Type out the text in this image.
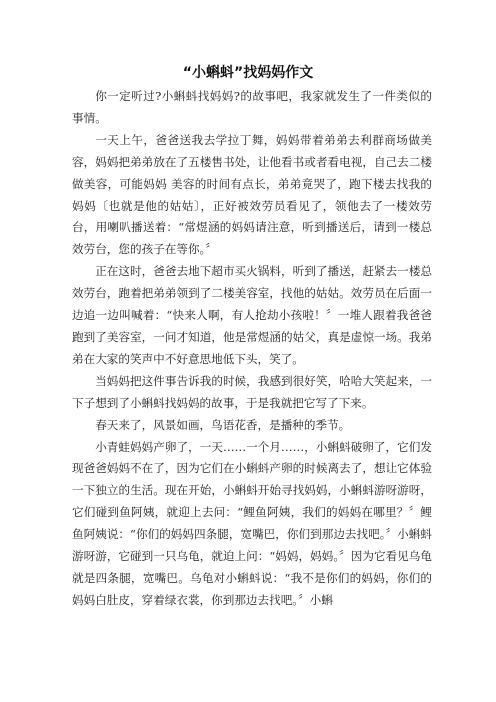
“小蝌蚪”找妈妈作文

你一定听过?小蝌蚪找妈妈?的故事吧，我家就发生了一件类似的事情。

一天上午，爸爸送我去学拉丁舞，妈妈带着弟弟去利群商场做美容，妈妈把弟弟放在了五楼售书处，让他看书或者看电视，自己去二楼做美容，可能妈妈 美容的时间有点长，弟弟竟哭了，跑下楼去找我的妈妈〔也就是他的姑姑〕，正好被效劳员看见了，领他去了一楼效劳台，用喇叭播送着：“常煜涵的妈妈请注意，听到播送后，请到一楼总效劳台，您的孩子在等你。〞

正在这时，爸爸去地下超市买火锅料，听到了播送，赶紧去一楼总效劳台，跑着把弟弟领到了二楼美容室，找他的姑姑。效劳员在后面一边追一边叫喊着：“快来人啊，有人抢劫小孩啦！〞一堆人跟着我爸爸跑到了美容室，一问才知道，他是常煜涵的姑父，真是虚惊一场。我弟弟在大家的笑声中不好意思地低下头，笑了。

当妈妈把这件事告诉我的时候，我感到很好笑，哈哈大笑起来，一下子想到了小蝌蚪找妈妈的故事，于是我就把它写了下来。

春天来了，风景如画，鸟语花香，是播种的季节。

小青蛙妈妈产卵了，一天……一个月……，小蝌蚪破卵了，它们发现爸爸妈妈不在了，因为它们在小蝌蚪产卵的时候离去了，想让它体验一下独立的生活。现在开始，小蝌蚪开始寻找妈妈，小蝌蚪游呀游呀，它们碰到鱼阿姨，就迎上去问：“鲤鱼阿姨，我们的妈妈在哪里？〞鲤鱼阿姨说：“你们的妈妈四条腿，宽嘴巴，你们到那边去找吧。〞小蝌蚪游呀游，它碰到一只乌龟，就迫上问：“妈妈，妈妈。〞因为它看见乌龟就是四条腿，宽嘴巴。乌龟对小蝌蚪说：“我不是你们的妈妈，你们的妈妈白肚皮，穿着绿衣裳，你到那边去找吧。〞小蝌
